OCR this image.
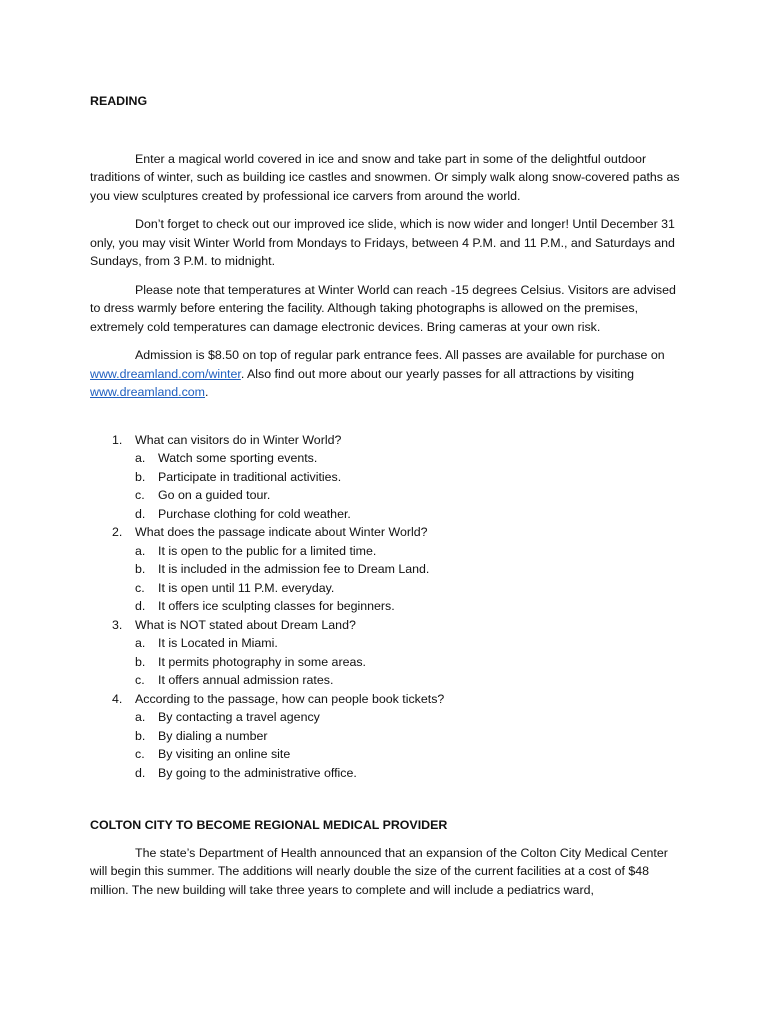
READING

Enter a magical world covered in ice and snow and take part in some of the delightful outdoor traditions of winter, such as building ice castles and snowmen. Or simply walk along snow-covered paths as you view sculptures created by professional ice carvers from around the world.

Don’t forget to check out our improved ice slide, which is now wider and longer! Until December 31 only, you may visit Winter World from Mondays to Fridays, between 4 P.M. and 11 P.M., and Saturdays and Sundays, from 3 P.M. to midnight.

Please note that temperatures at Winter World can reach -15 degrees Celsius. Visitors are advised to dress warmly before entering the facility. Although taking photographs is allowed on the premises, extremely cold temperatures can damage electronic devices. Bring cameras at your own risk.

Admission is $8.50 on top of regular park entrance fees. All passes are available for purchase on www.dreamland.com/winter. Also find out more about our yearly passes for all attractions by visiting www.dreamland.com.

1.	What can visitors do in Winter World?
a.	Watch some sporting events.
b.	Participate in traditional activities.
c.	Go on a guided tour.
d.	Purchase clothing for cold weather.
2.	What does the passage indicate about Winter World?
a.	It is open to the public for a limited time.
b.	It is included in the admission fee to Dream Land.
c.	It is open until 11 P.M. everyday.
d.	It offers ice sculpting classes for beginners.
3.	What is NOT stated about Dream Land?
a.	It is Located in Miami.
b.	It permits photography in some areas.
c.	It offers annual admission rates.
4.	According to the passage, how can people book tickets?
a.	By contacting a travel agency
b.	By dialing a number
c.	By visiting an online site
d.	By going to the administrative office.
COLTON CITY TO BECOME REGIONAL MEDICAL PROVIDER

The state’s Department of Health announced that an expansion of the Colton City Medical Center will begin this summer. The additions will nearly double the size of the current facilities at a cost of $48 million. The new building will take three years to complete and will include a pediatrics ward,
